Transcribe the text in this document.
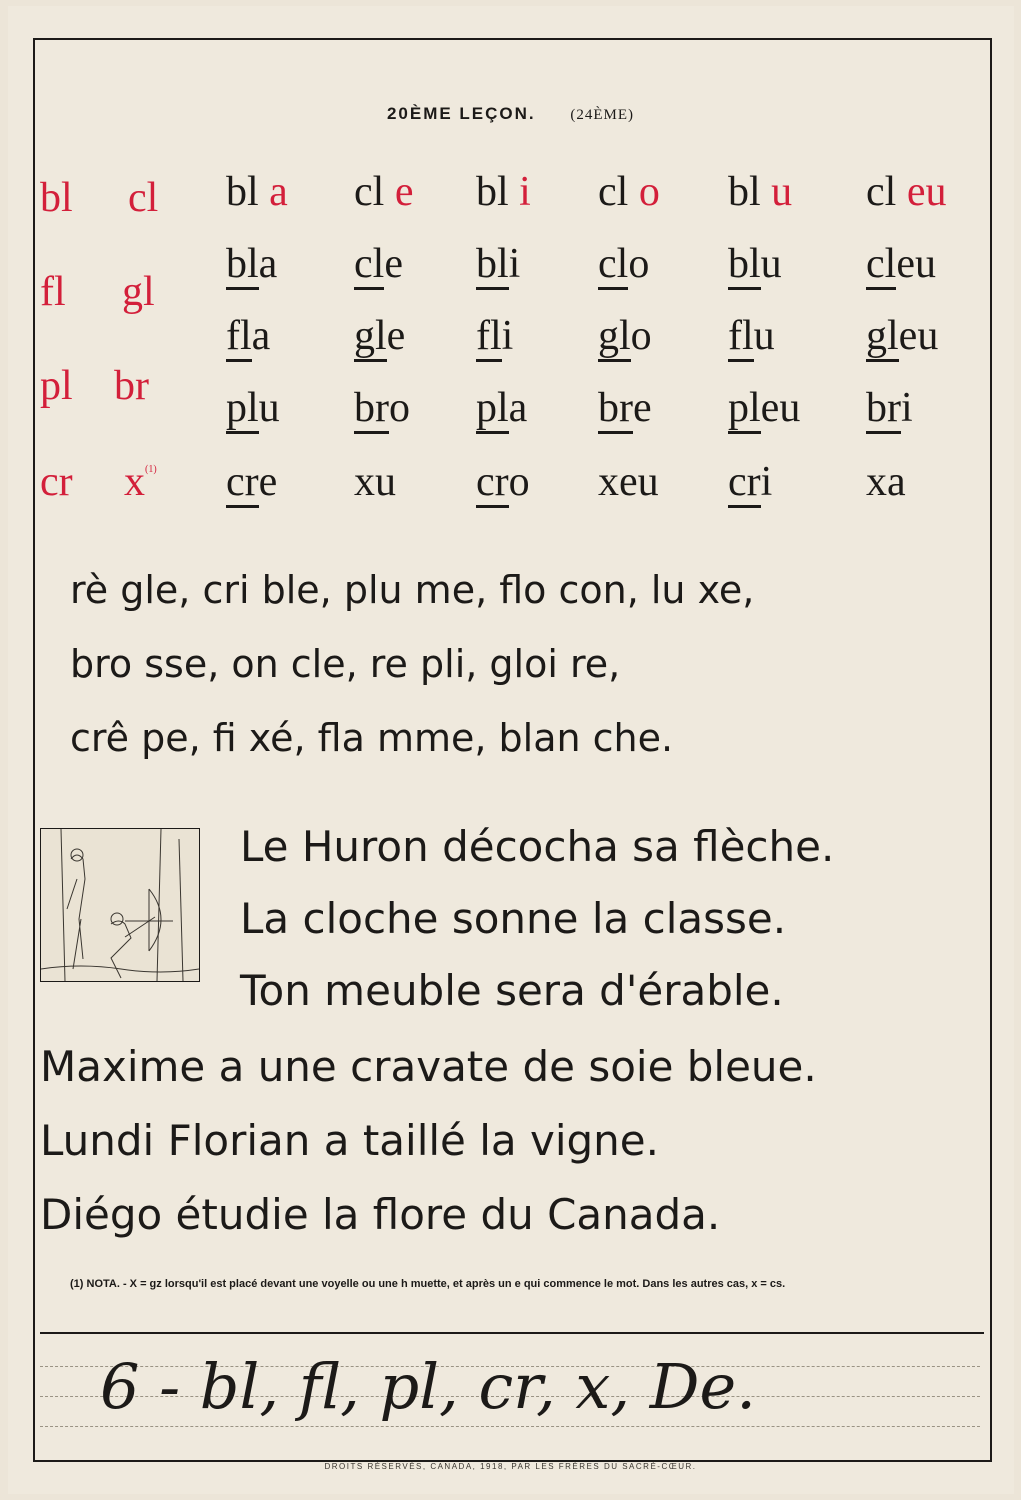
20ÈME LEÇON. (24ÈME)
bl cl
fl gl
pl br
cr $x^{(1)}$
bl a cl e bl i cl o bl u cl eu
bla cle bli clo blu cleu
fla gle fli glo flu gleu
plu bro pla bre pleu bri
cre xu cro xeu cri xa
rè gle, cri ble, plu me, flo con, lu xe,
bro sse, on cle, re pli, gloi re,
crê pe, fi xé, fla mme, blan che.
Le Huron décocha sa flèche.
La cloche sonne la classe.
Ton meuble sera d'érable.
Maxime a une cravate de soie bleue.
Lundi Florian a taillé la vigne.
Diégo étudie la flore du Canada.
(1) NOTA. - X = gz lorsqu'il est placé devant une voyelle ou une h muette, et après un e qui commence le mot. Dans les autres cas, x = cs.
6 - bl, fl, pl, cr, x, De.
DROITS RÉSERVÉS, CANADA, 1918, PAR LES FRÈRES DU SACRÉ-CŒUR.
